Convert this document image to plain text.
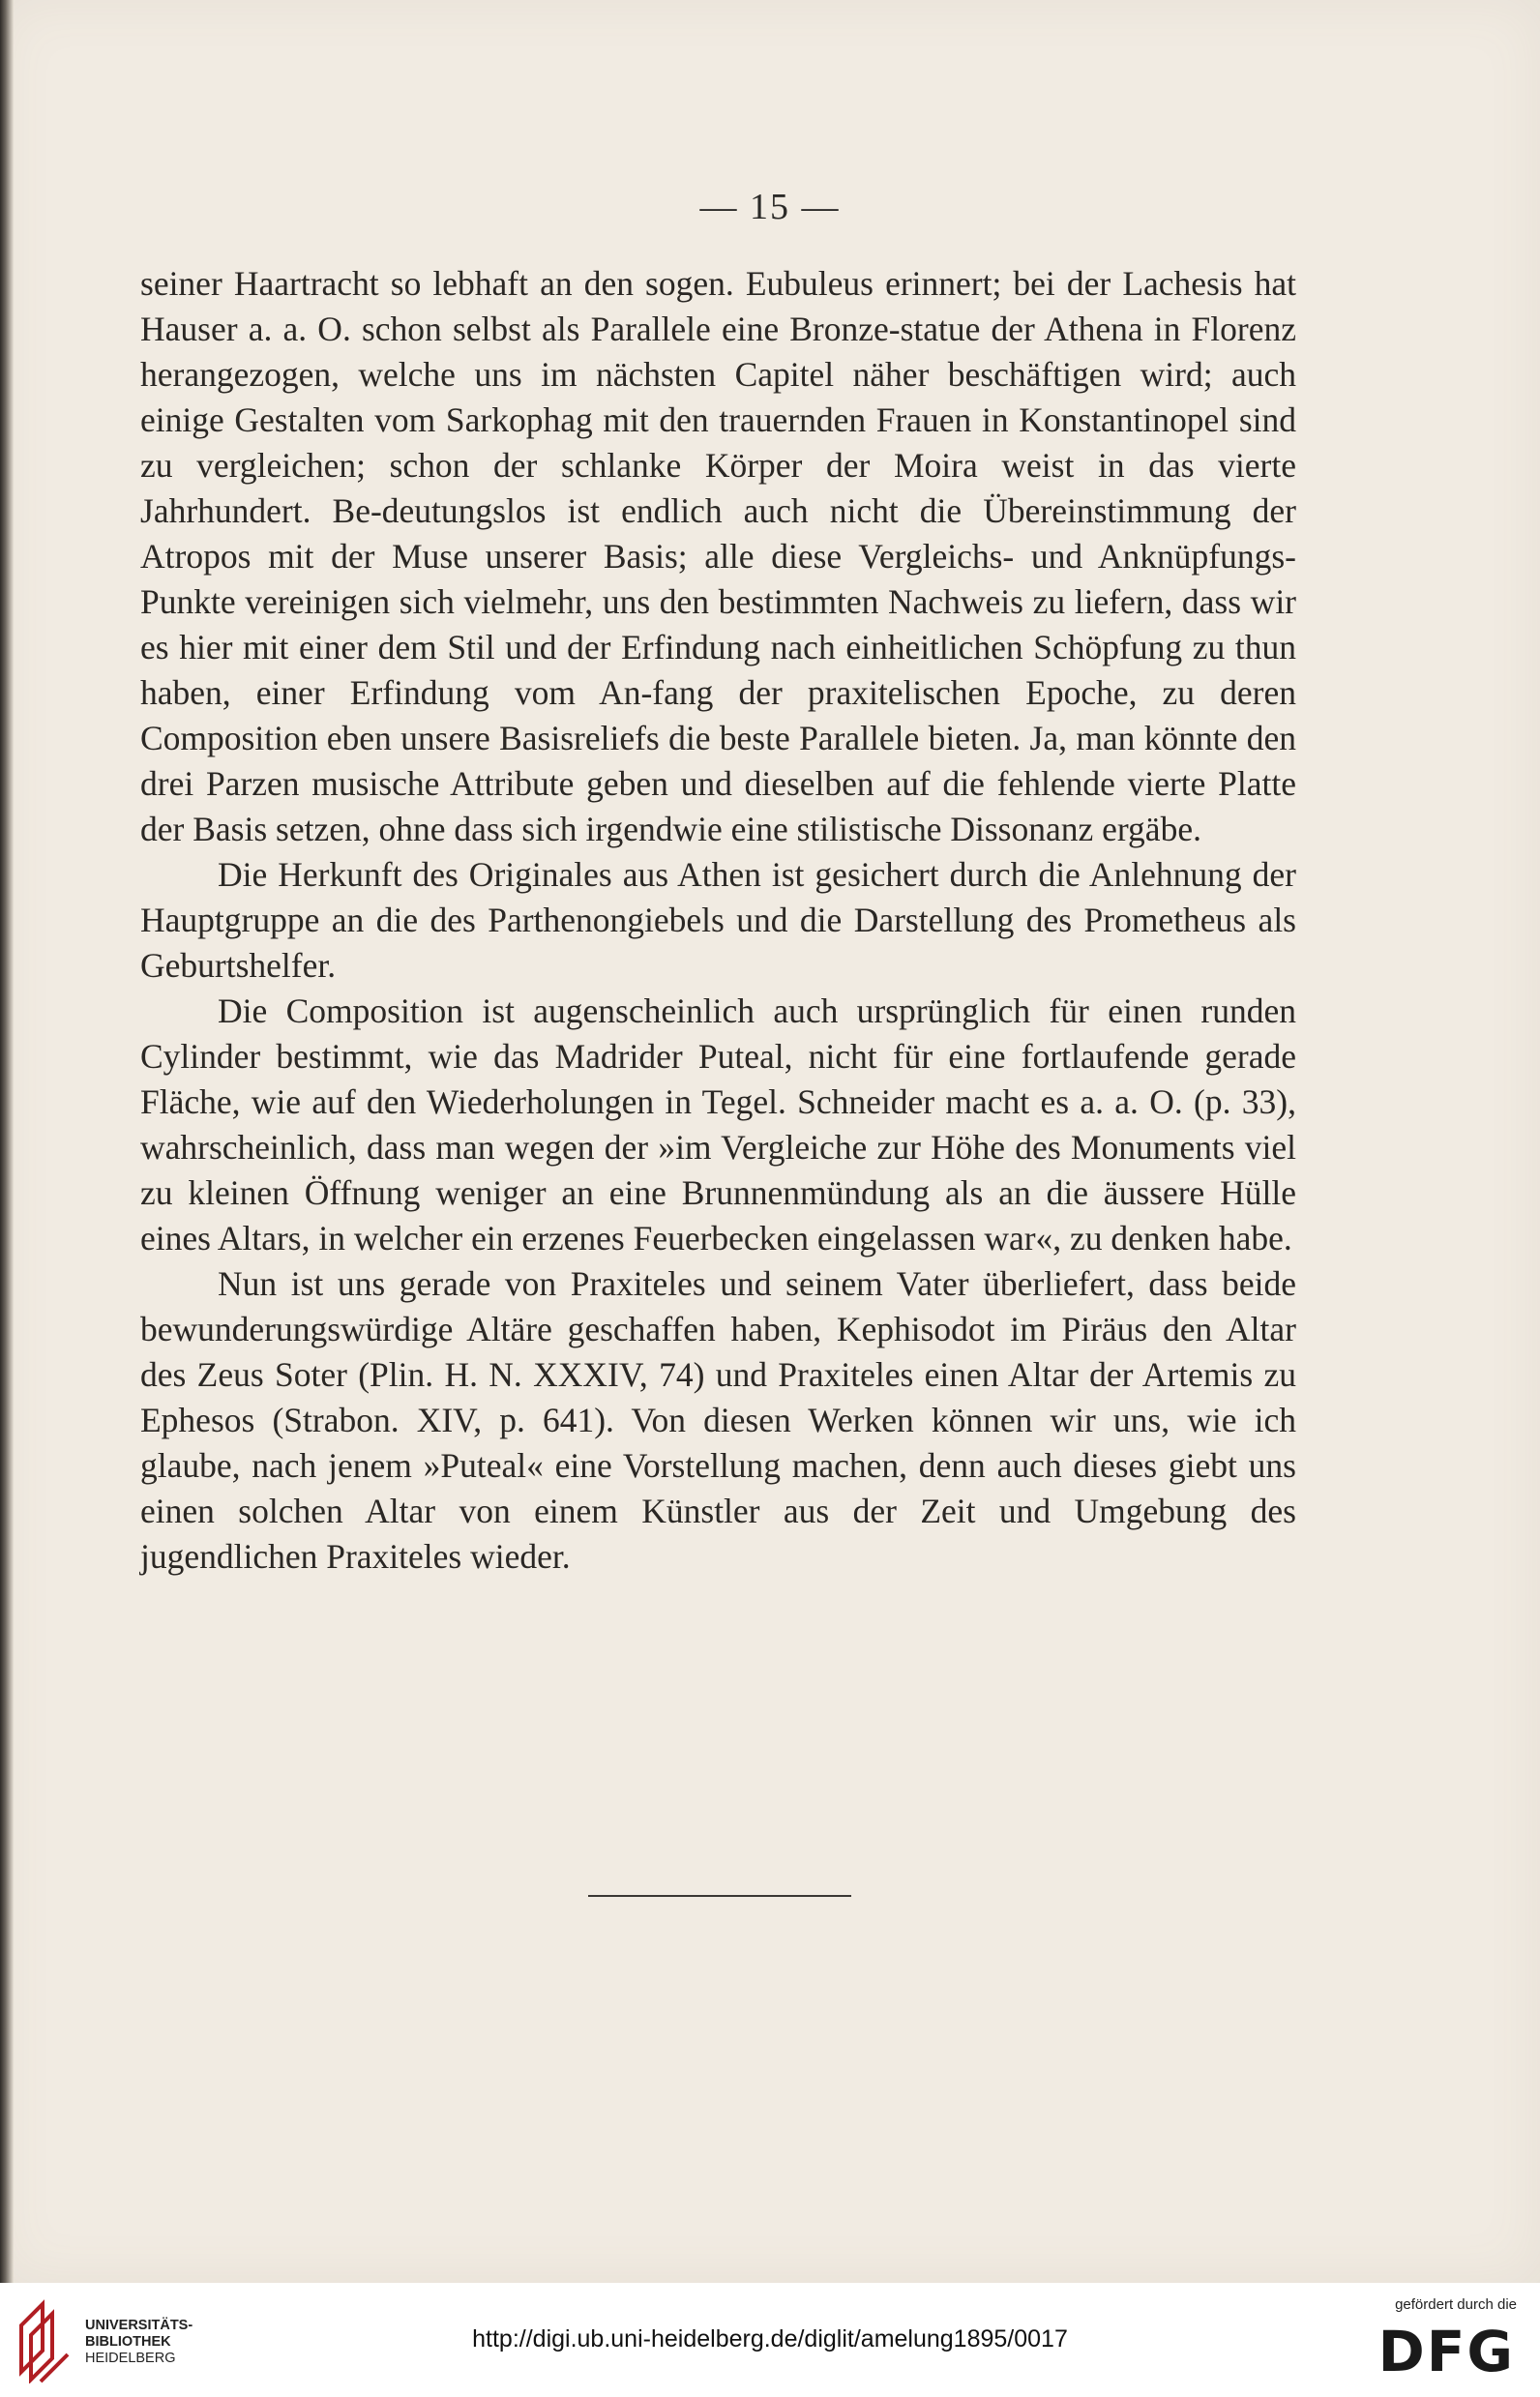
— 15 —

seiner Haartracht so lebhaft an den sogen. Eubuleus erinnert; bei der Lachesis hat Hauser a. a. O. schon selbst als Parallele eine Bronze-statue der Athena in Florenz herangezogen, welche uns im nächsten Capitel näher beschäftigen wird; auch einige Gestalten vom Sarkophag mit den trauernden Frauen in Konstantinopel sind zu vergleichen; schon der schlanke Körper der Moira weist in das vierte Jahrhundert. Be-deutungslos ist endlich auch nicht die Übereinstimmung der Atropos mit der Muse unserer Basis; alle diese Vergleichs- und Anknüpfungs-Punkte vereinigen sich vielmehr, uns den bestimmten Nachweis zu liefern, dass wir es hier mit einer dem Stil und der Erfindung nach einheitlichen Schöpfung zu thun haben, einer Erfindung vom An-fang der praxitelischen Epoche, zu deren Composition eben unsere Basisreliefs die beste Parallele bieten. Ja, man könnte den drei Parzen musische Attribute geben und dieselben auf die fehlende vierte Platte der Basis setzen, ohne dass sich irgendwie eine stilistische Dissonanz ergäbe.

Die Herkunft des Originales aus Athen ist gesichert durch die Anlehnung der Hauptgruppe an die des Parthenongiebels und die Darstellung des Prometheus als Geburtshelfer.

Die Composition ist augenscheinlich auch ursprünglich für einen runden Cylinder bestimmt, wie das Madrider Puteal, nicht für eine fortlaufende gerade Fläche, wie auf den Wiederholungen in Tegel. Schneider macht es a. a. O. (p. 33), wahrscheinlich, dass man wegen der »im Vergleiche zur Höhe des Monuments viel zu kleinen Öffnung weniger an eine Brunnenmündung als an die äussere Hülle eines Altars, in welcher ein erzenes Feuerbecken eingelassen war«, zu denken habe.

Nun ist uns gerade von Praxiteles und seinem Vater überliefert, dass beide bewunderungswürdige Altäre geschaffen haben, Kephisodot im Piräus den Altar des Zeus Soter (Plin. H. N. XXXIV, 74) und Praxiteles einen Altar der Artemis zu Ephesos (Strabon. XIV, p. 641). Von diesen Werken können wir uns, wie ich glaube, nach jenem »Puteal« eine Vorstellung machen, denn auch dieses giebt uns einen solchen Altar von einem Künstler aus der Zeit und Umgebung des jugendlichen Praxiteles wieder.

UNIVERSITÄTS-
BIBLIOTHEK
HEIDELBERG
http://digi.ub.uni-heidelberg.de/diglit/amelung1895/0017
gefördert durch die
DFG
